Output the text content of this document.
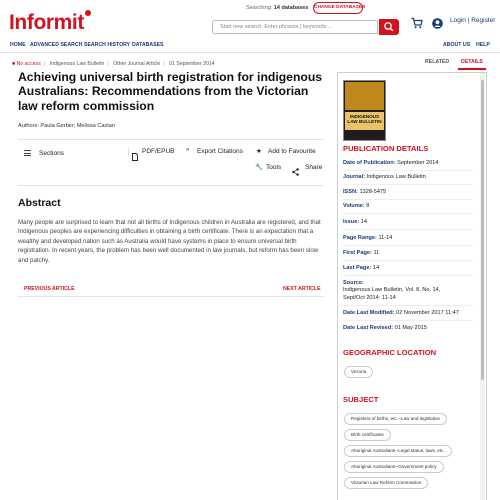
Informit
Searching: 14 databases CHANGE DATABASES
Start new search. Enter phrases | keywords ...
Login | Register
HOME ADVANCED SEARCH SEARCH HISTORY DATABASES	ABOUT US HELP
■ No access | Indigenous Law Bulletin | Other Journal Article | 01 September 2014
Achieving universal birth registration for indigenous Australians: Recommendations from the Victorian law reform commission
Authors: Paula Gerber; Melissa Castan
Sections	PDF/EPUB ” Export Citations ★ Add to Favourite
🔧 Tools	Share
Abstract
Many people are surprised to learn that not all births of Indigenous children in Australia are registered, and that Indigenous peoples are experiencing difficulties in obtaining a birth certificate. There is an expectation that a wealthy and developed nation such as Australia would have systems in place to ensure universal birth registration. In recent years, the problem has been well documented in law journals, but reform has been slow and patchy.
PREVIOUS ARTICLE	NEXT ARTICLE
RELATED DETAILS
INDIGENOUS LAW BULLETIN
PUBLICATION DETAILS
Date of Publication: September 2014
Journal: Indigenous Law Bulletin
ISSN: 1328-5475
Volume: 8
Issue: 14
Page Range: 11-14
First Page: 11
Last Page: 14
Source:
Indigenous Law Bulletin, Vol. 8, No. 14,
Sept/Oct 2014: 11-14
Date Last Modified: 02 November 2017 11:47
Date Last Revised: 01 May 2015
GEOGRAPHIC LOCATION
Victoria
SUBJECT
Registers of births, etc.--Law and legislation
Birth certificates
Aboriginal Australians--Legal status, laws, etc.
Aboriginal Australians--Government policy
Victorian Law Reform Commission
